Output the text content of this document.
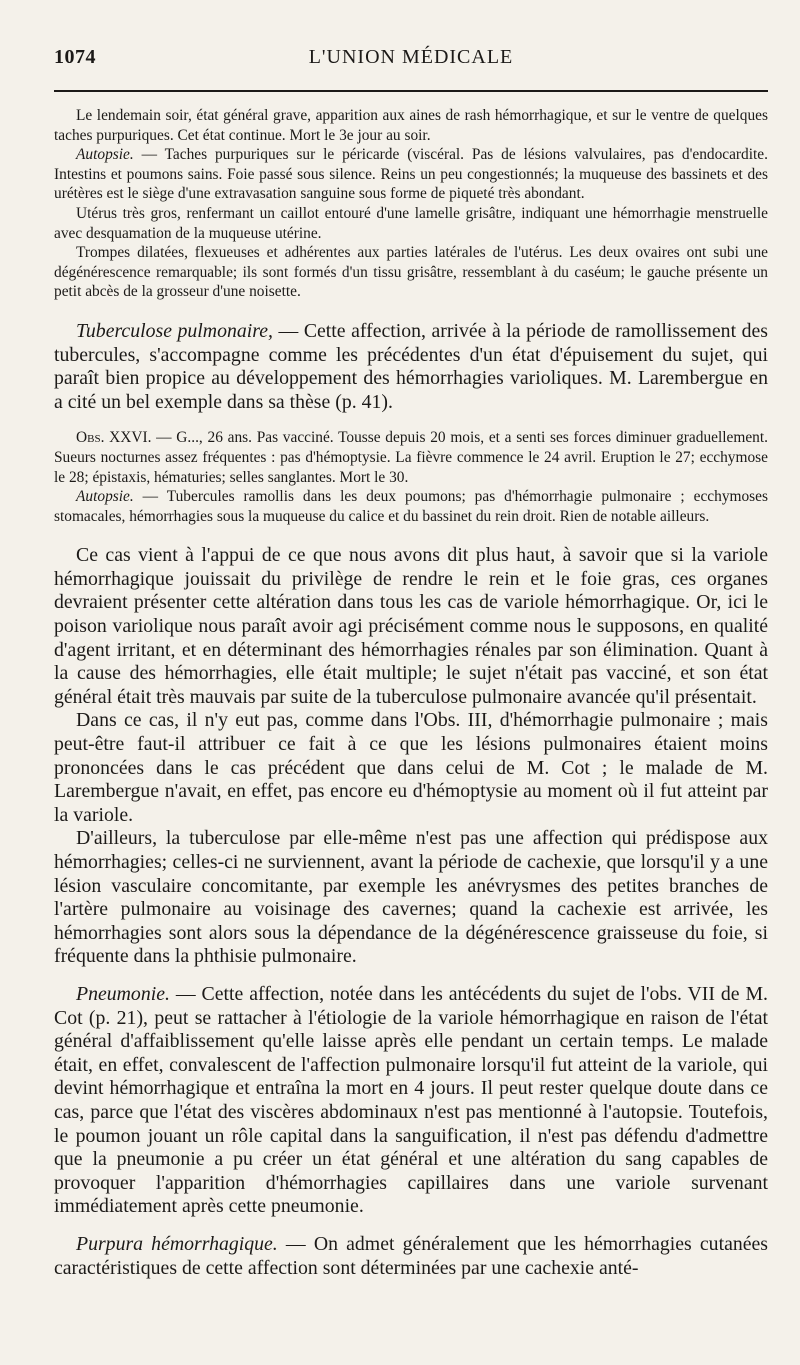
1074	L'UNION MÉDICALE

Le lendemain soir, état général grave, apparition aux aines de rash hémorrhagique, et sur le ventre de quelques taches purpuriques. Cet état continue. Mort le 3e jour au soir.

Autopsie. — Taches purpuriques sur le péricarde (viscéral. Pas de lésions valvulaires, pas d'endocardite. Intestins et poumons sains. Foie passé sous silence. Reins un peu congestionnés; la muqueuse des bassinets et des urétères est le siège d'une extravasation sanguine sous forme de piqueté très abondant.

Utérus très gros, renfermant un caillot entouré d'une lamelle grisâtre, indiquant une hémorrhagie menstruelle avec desquamation de la muqueuse utérine.

Trompes dilatées, flexueuses et adhérentes aux parties latérales de l'utérus. Les deux ovaires ont subi une dégénérescence remarquable; ils sont formés d'un tissu grisâtre, ressemblant à du caséum; le gauche présente un petit abcès de la grosseur d'une noisette.

Tuberculose pulmonaire, — Cette affection, arrivée à la période de ramollissement des tubercules, s'accompagne comme les précédentes d'un état d'épuisement du sujet, qui paraît bien propice au développement des hémorrhagies varioliques. M. Larembergue en a cité un bel exemple dans sa thèse (p. 41).

Obs. XXVI. — G..., 26 ans. Pas vacciné. Tousse depuis 20 mois, et a senti ses forces diminuer graduellement. Sueurs nocturnes assez fréquentes : pas d'hémoptysie. La fièvre commence le 24 avril. Eruption le 27; ecchymose le 28; épistaxis, hématuries; selles sanglantes. Mort le 30.

Autopsie. — Tubercules ramollis dans les deux poumons; pas d'hémorrhagie pulmonaire ; ecchymoses stomacales, hémorrhagies sous la muqueuse du calice et du bassinet du rein droit. Rien de notable ailleurs.

Ce cas vient à l'appui de ce que nous avons dit plus haut, à savoir que si la variole hémorrhagique jouissait du privilège de rendre le rein et le foie gras, ces organes devraient présenter cette altération dans tous les cas de variole hémorrhagique. Or, ici le poison variolique nous paraît avoir agi précisément comme nous le supposons, en qualité d'agent irritant, et en déterminant des hémorrhagies rénales par son élimination. Quant à la cause des hémorrhagies, elle était multiple; le sujet n'était pas vacciné, et son état général était très mauvais par suite de la tuberculose pulmonaire avancée qu'il présentait.

Dans ce cas, il n'y eut pas, comme dans l'Obs. III, d'hémorrhagie pulmonaire ; mais peut-être faut-il attribuer ce fait à ce que les lésions pulmonaires étaient moins prononcées dans le cas précédent que dans celui de M. Cot ; le malade de M. Larembergue n'avait, en effet, pas encore eu d'hémoptysie au moment où il fut atteint par la variole.

D'ailleurs, la tuberculose par elle-même n'est pas une affection qui prédispose aux hémorrhagies; celles-ci ne surviennent, avant la période de cachexie, que lorsqu'il y a une lésion vasculaire concomitante, par exemple les anévrysmes des petites branches de l'artère pulmonaire au voisinage des cavernes; quand la cachexie est arrivée, les hémorrhagies sont alors sous la dépendance de la dégénérescence graisseuse du foie, si fréquente dans la phthisie pulmonaire.

Pneumonie. — Cette affection, notée dans les antécédents du sujet de l'obs. VII de M. Cot (p. 21), peut se rattacher à l'étiologie de la variole hémorrhagique en raison de l'état général d'affaiblissement qu'elle laisse après elle pendant un certain temps. Le malade était, en effet, convalescent de l'affection pulmonaire lorsqu'il fut atteint de la variole, qui devint hémorrhagique et entraîna la mort en 4 jours. Il peut rester quelque doute dans ce cas, parce que l'état des viscères abdominaux n'est pas mentionné à l'autopsie. Toutefois, le poumon jouant un rôle capital dans la sanguification, il n'est pas défendu d'admettre que la pneumonie a pu créer un état général et une altération du sang capables de provoquer l'apparition d'hémorrhagies capillaires dans une variole survenant immédiatement après cette pneumonie.

Purpura hémorrhagique. — On admet généralement que les hémorrhagies cutanées caractéristiques de cette affection sont déterminées par une cachexie anté-
